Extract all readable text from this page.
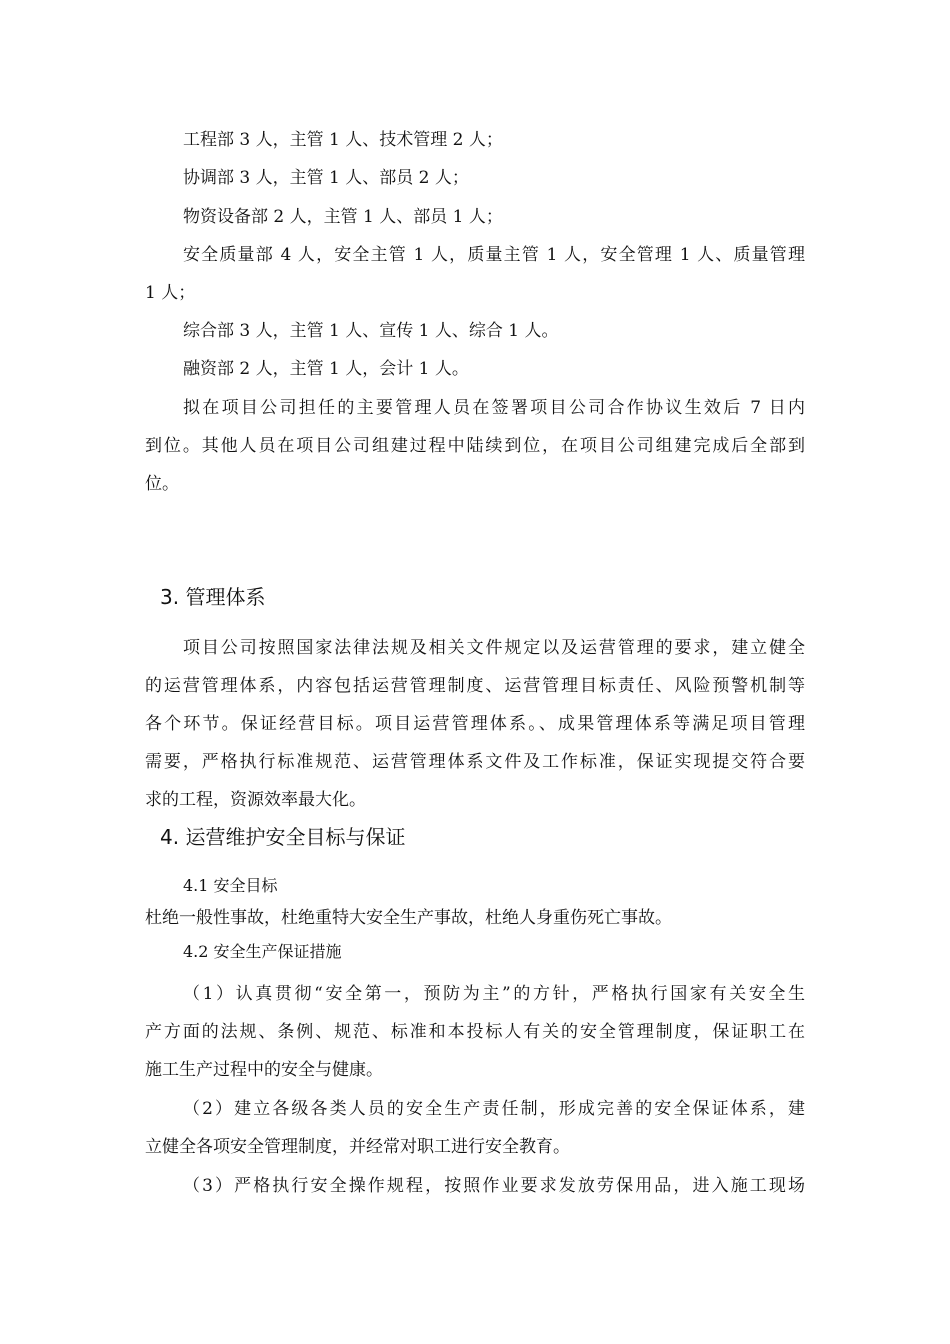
工程部 3 人，主管 1 人、技术管理 2 人；
协调部 3 人，主管 1 人、部员 2 人；
物资设备部 2 人，主管 1 人、部员 1 人；
安全质量部 4 人，安全主管 1 人，质量主管 1 人，安全管理 1 人、质量管理
1 人；
综合部 3 人，主管 1 人、宣传 1 人、综合 1 人。
融资部 2 人，主管 1 人，会计 1 人。
拟在项目公司担任的主要管理人员在签署项目公司合作协议生效后 7 日内
到位。其他人员在项目公司组建过程中陆续到位，在项目公司组建完成后全部到
位。
3. 管理体系
项目公司按照国家法律法规及相关文件规定以及运营管理的要求，建立健全
的运营管理体系，内容包括运营管理制度、运营管理目标责任、风险预警机制等
各个环节。保证经营目标。项目运营管理体系。、成果管理体系等满足项目管理
需要，严格执行标准规范、运营管理体系文件及工作标准，保证实现提交符合要
求的工程，资源效率最大化。
4. 运营维护安全目标与保证
4.1 安全目标
杜绝一般性事故，杜绝重特大安全生产事故，杜绝人身重伤死亡事故。
4.2 安全生产保证措施
（1）认真贯彻“安全第一，预防为主”的方针，严格执行国家有关安全生
产方面的法规、条例、规范、标准和本投标人有关的安全管理制度，保证职工在
施工生产过程中的安全与健康。
（2）建立各级各类人员的安全生产责任制，形成完善的安全保证体系，建
立健全各项安全管理制度，并经常对职工进行安全教育。
（3）严格执行安全操作规程，按照作业要求发放劳保用品，进入施工现场
